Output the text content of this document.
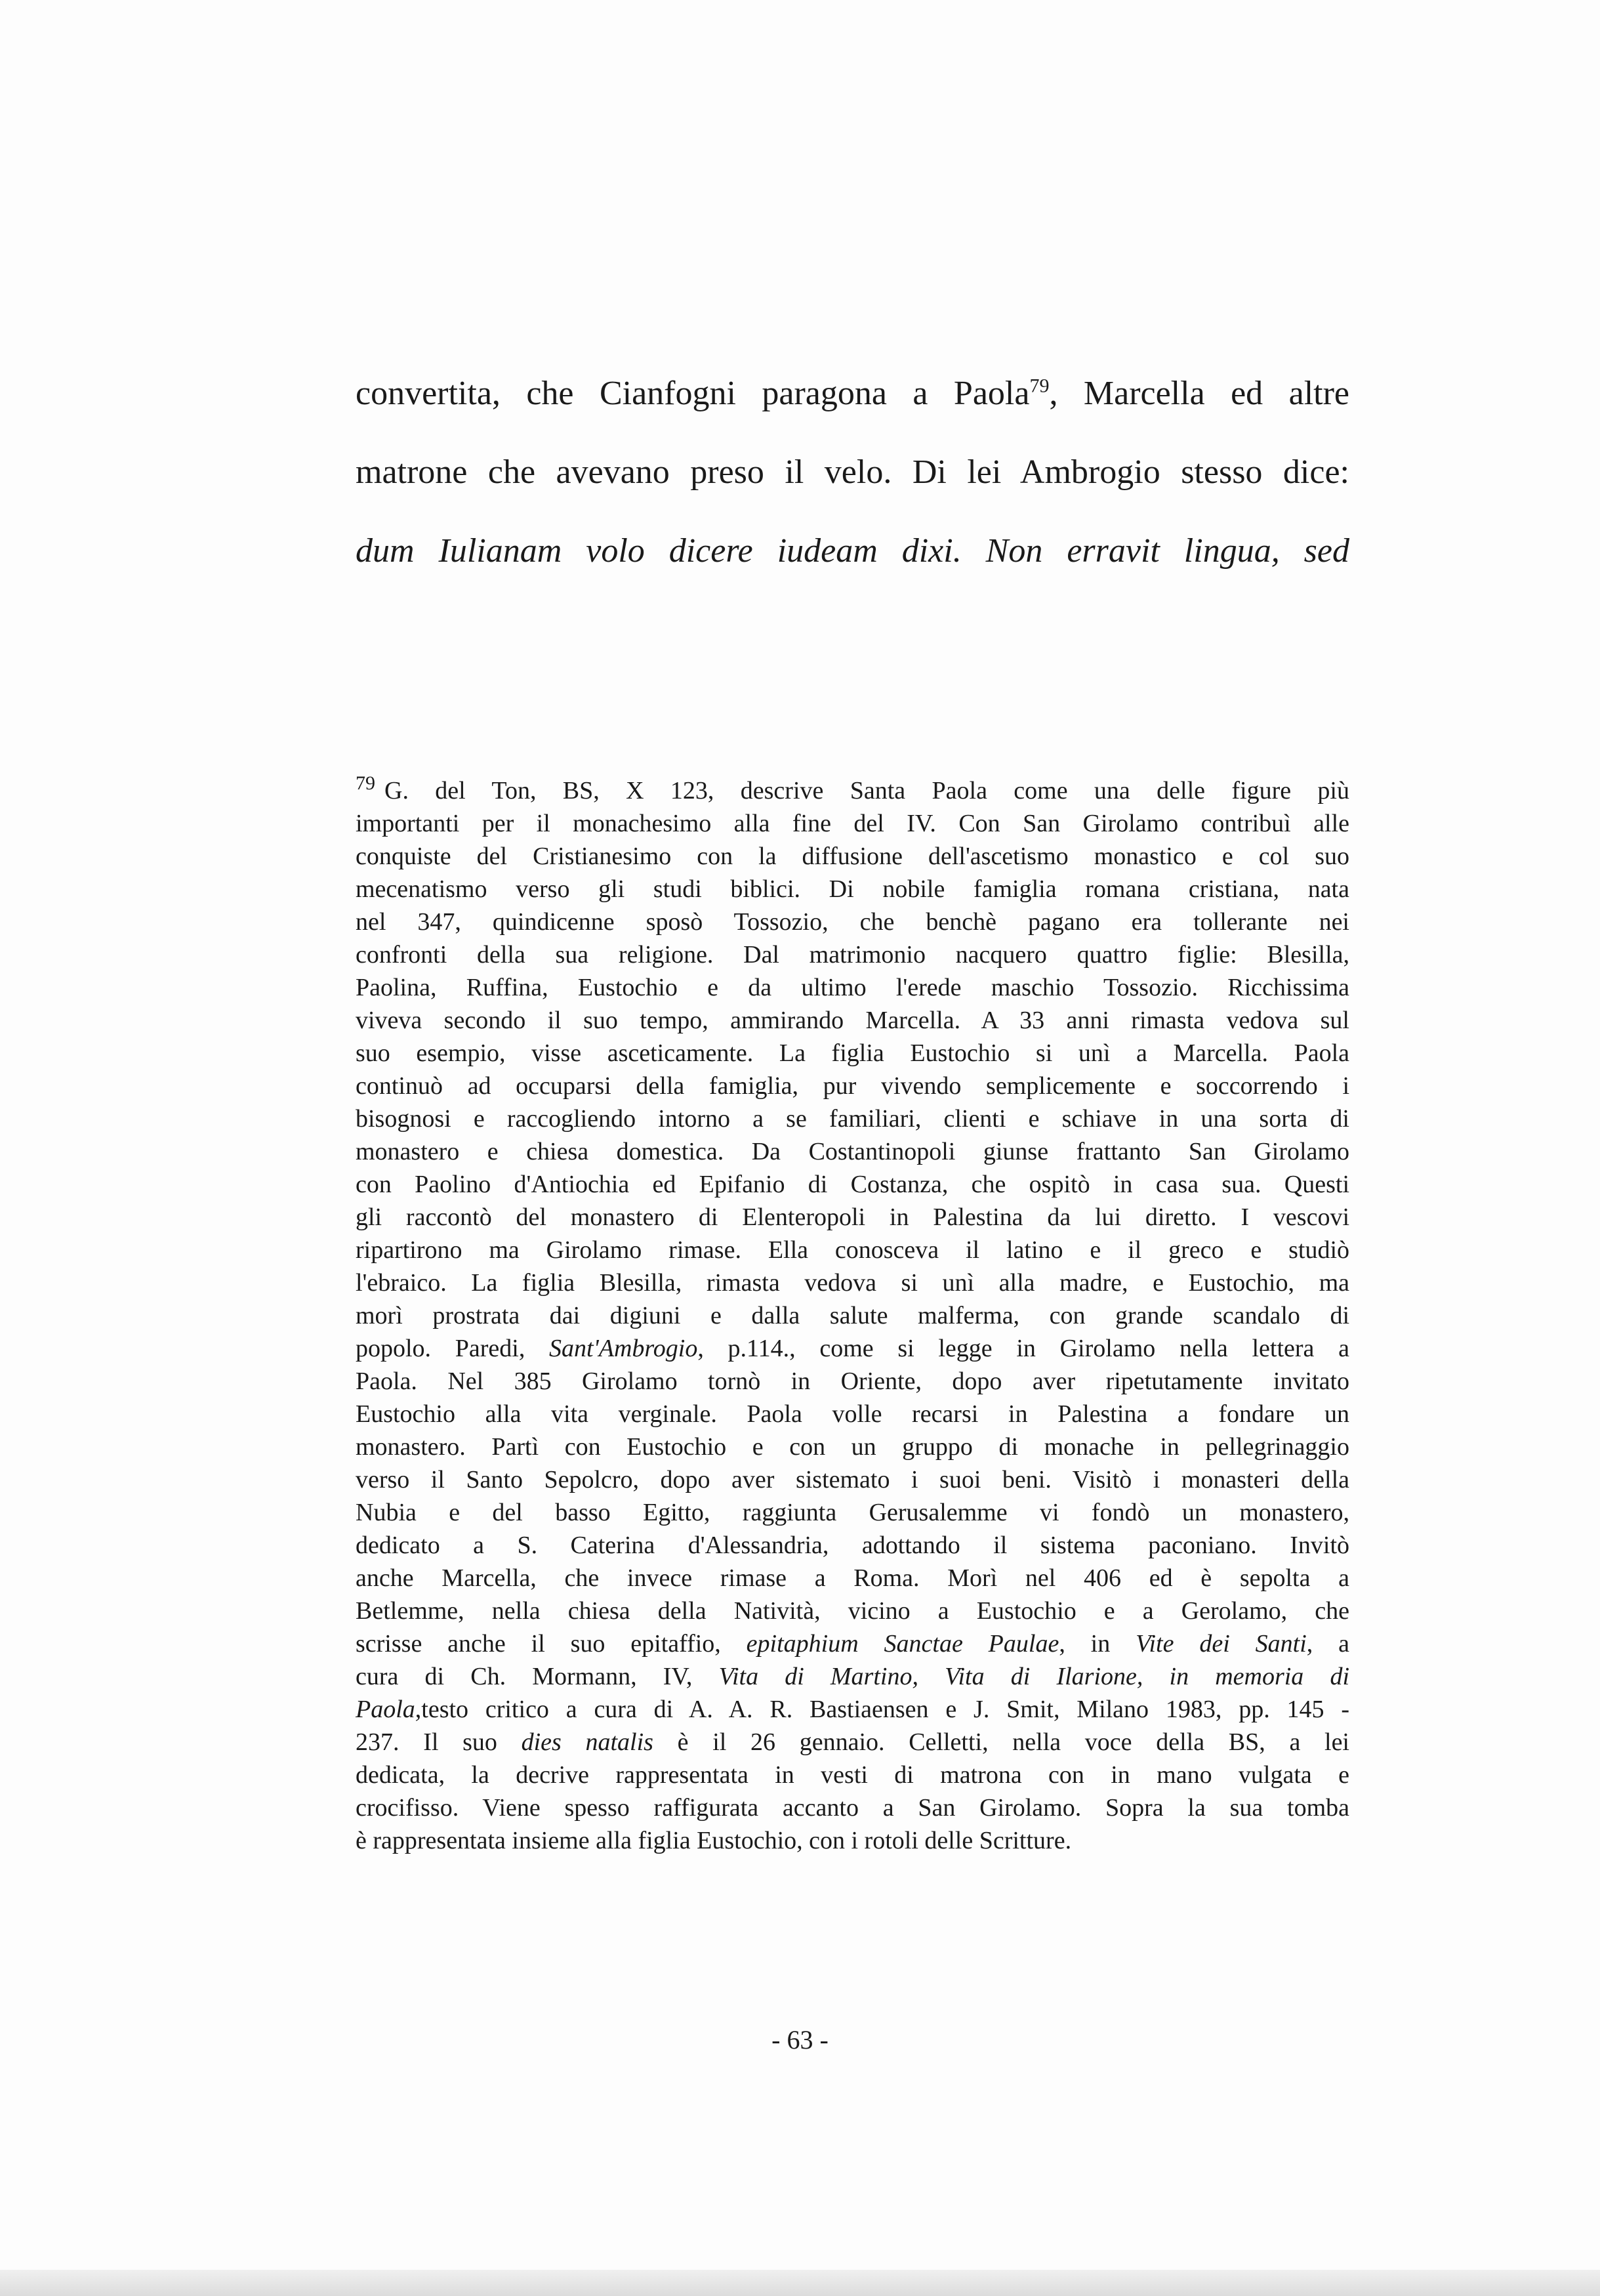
convertita, che Cianfogni paragona a Paola$^{79}$, Marcella ed altre
matrone che avevano preso il velo. Di lei Ambrogio stesso dice:
dum Iulianam volo dicere iudeam dixi. Non erravit lingua, sed
$^{79}$ G. del Ton, BS, X 123, descrive Santa Paola come una delle figure più
importanti per il monachesimo alla fine del IV. Con San Girolamo contribuì alle
conquiste del Cristianesimo con la diffusione dell'ascetismo monastico e col suo
mecenatismo verso gli studi biblici. Di nobile famiglia romana cristiana, nata
nel 347, quindicenne sposò Tossozio, che benchè pagano era tollerante nei
confronti della sua religione. Dal matrimonio nacquero quattro figlie: Blesilla,
Paolina, Ruffina, Eustochio e da ultimo l'erede maschio Tossozio. Ricchissima
viveva secondo il suo tempo, ammirando Marcella. A 33 anni rimasta vedova sul
suo esempio, visse asceticamente. La figlia Eustochio si unì a Marcella. Paola
continuò ad occuparsi della famiglia, pur vivendo semplicemente e soccorrendo i
bisognosi e raccogliendo intorno a se familiari, clienti e schiave in una sorta di
monastero e chiesa domestica. Da Costantinopoli giunse frattanto San Girolamo
con Paolino d'Antiochia ed Epifanio di Costanza, che ospitò in casa sua. Questi
gli raccontò del monastero di Elenteropoli in Palestina da lui diretto. I vescovi
ripartirono ma Girolamo rimase. Ella conosceva il latino e il greco e studiò
l'ebraico. La figlia Blesilla, rimasta vedova si unì alla madre, e Eustochio, ma
morì prostrata dai digiuni e dalla salute malferma, con grande scandalo di
popolo. Paredi, Sant'Ambrogio, p.114., come si legge in Girolamo nella lettera a
Paola. Nel 385 Girolamo tornò in Oriente, dopo aver ripetutamente invitato
Eustochio alla vita verginale. Paola volle recarsi in Palestina a fondare un
monastero. Partì con Eustochio e con un gruppo di monache in pellegrinaggio
verso il Santo Sepolcro, dopo aver sistemato i suoi beni. Visitò i monasteri della
Nubia e del basso Egitto, raggiunta Gerusalemme vi fondò un monastero,
dedicato a S. Caterina d'Alessandria, adottando il sistema paconiano. Invitò
anche Marcella, che invece rimase a Roma. Morì nel 406 ed è sepolta a
Betlemme, nella chiesa della Natività, vicino a Eustochio e a Gerolamo, che
scrisse anche il suo epitaffio, epitaphium Sanctae Paulae, in Vite dei Santi, a
cura di Ch. Mormann, IV, Vita di Martino, Vita di Ilarione, in memoria di
Paola,testo critico a cura di A. A. R. Bastiaensen e J. Smit, Milano 1983, pp. 145 -
237. Il suo dies natalis è il 26 gennaio. Celletti, nella voce della BS, a lei
dedicata, la decrive rappresentata in vesti di matrona con in mano vulgata e
crocifisso. Viene spesso raffigurata accanto a San Girolamo. Sopra la sua tomba
è rappresentata insieme alla figlia Eustochio, con i rotoli delle Scritture.
- 63 -
